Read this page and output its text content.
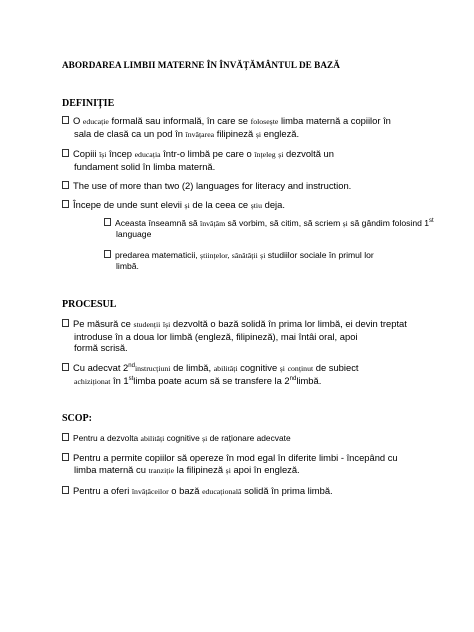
ABORDAREA LIMBII MATERNE ÎN ÎNVĂȚĂMÂNTUL DE BAZĂ
DEFINIȚIE
O educație formală sau informală, în care se folosește limba maternă a copiilor în
sala de clasă ca un pod în învățarea filipineză și engleză.
Copiii își încep educația într-o limbă pe care o înțeleg și dezvoltă un
fundament solid în limba maternă.
The use of more than two (2) languages for literacy and instruction.
Începe de unde sunt elevii și de la ceea ce știu deja.
Aceasta înseamnă să învățăm să vorbim, să citim, să scriem și să gândim folosind 1st
language
predarea matematicii, științelor, sănătății și studiilor sociale în primul lor
limbă.
PROCESUL
Pe măsură ce studenții își dezvoltă o bază solidă în prima lor limbă, ei devin treptat
introduse în a doua lor limbă (engleză, filipineză), mai întâi oral, apoi
formă scrisă.
Cu adecvat 2ndinstrucțiuni de limbă, abilități cognitive și conținut de subiect
achiziționat în 1stlimba poate acum să se transfere la 2ndlimbă.
SCOP:
Pentru a dezvolta abilități cognitive și de raționare adecvate
Pentru a permite copiilor să opereze în mod egal în diferite limbi - începând cu
limba maternă cu tranziție la filipineză și apoi în engleză.
Pentru a oferi învățăceilor o bază educațională solidă în prima limbă.
